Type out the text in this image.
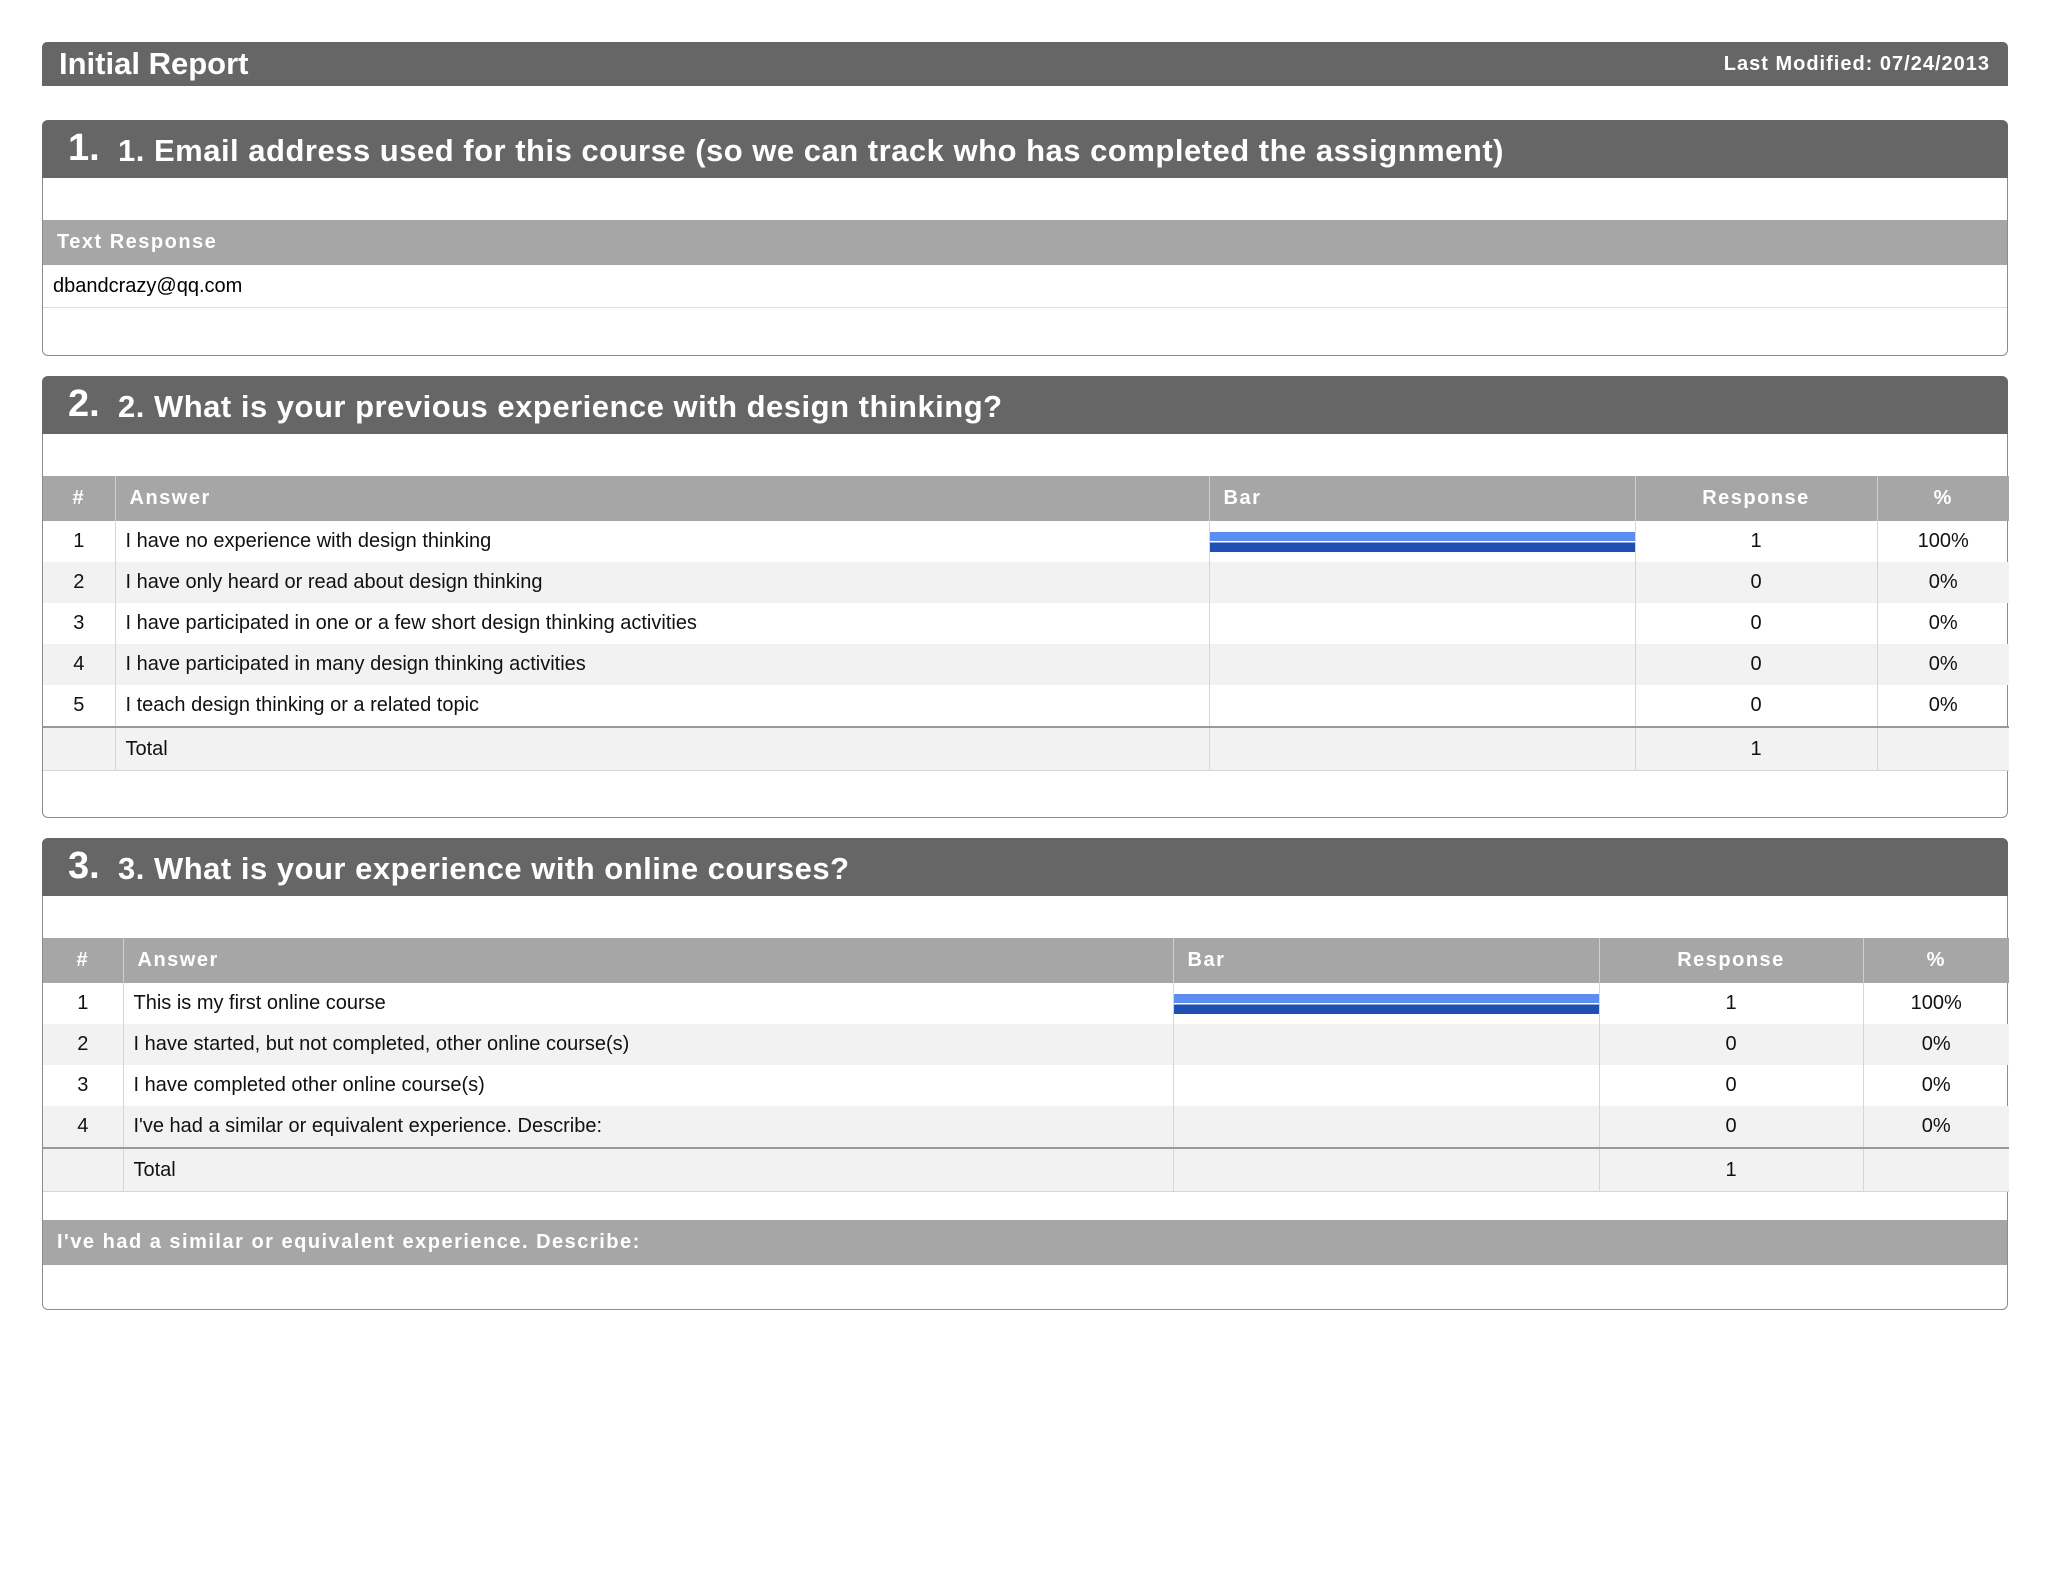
Initial Report	Last Modified: 07/24/2013
1. 1. Email address used for this course (so we can track who has completed the assignment)
Text Response
dbandcrazy@qq.com
2. 2. What is your previous experience with design thinking?
#	Answer	Bar	Response	%
1	I have no experience with design thinking		1	100%
2	I have only heard or read about design thinking		0	0%
3	I have participated in one or a few short design thinking activities		0	0%
4	I have participated in many design thinking activities		0	0%
5	I teach design thinking or a related topic		0	0%
	Total		1	
3. 3. What is your experience with online courses?
#	Answer	Bar	Response	%
1	This is my first online course		1	100%
2	I have started, but not completed, other online course(s)		0	0%
3	I have completed other online course(s)		0	0%
4	I've had a similar or equivalent experience. Describe:		0	0%
	Total		1	
I've had a similar or equivalent experience. Describe:
